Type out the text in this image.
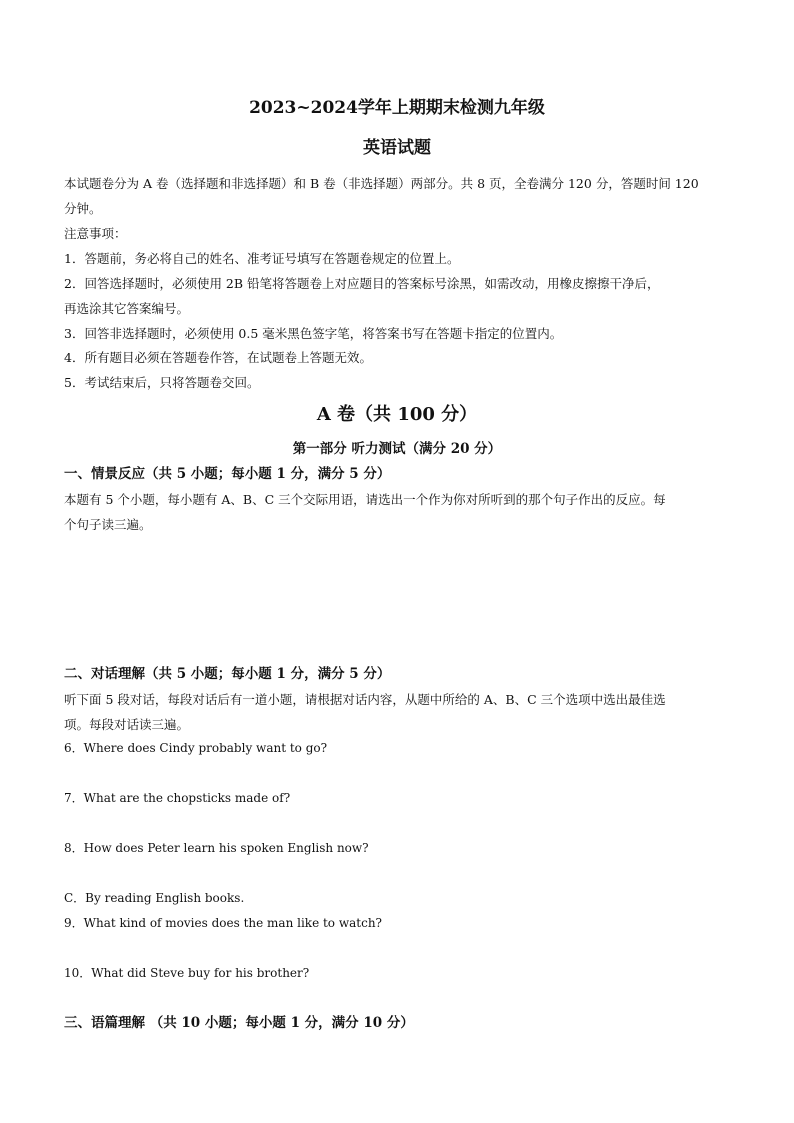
2023~2024学年上期期末检测九年级
英语试题
本试题卷分为 A 卷（选择题和非选择题）和 B 卷（非选择题）两部分。共 8 页，全卷满分 120 分，答题时间 120
分钟。
注意事项：
1．答题前，务必将自己的姓名、准考证号填写在答题卷规定的位置上。
2．回答选择题时，必须使用 2B 铅笔将答题卷上对应题目的答案标号涂黑，如需改动，用橡皮擦擦干净后，
再选涂其它答案编号。
3．回答非选择题时，必须使用 0.5 毫米黑色签字笔，将答案书写在答题卡指定的位置内。
4．所有题目必须在答题卷作答，在试题卷上答题无效。
5．考试结束后，只将答题卷交回。
A 卷（共 100 分）
第一部分 听力测试（满分 20 分）
一、情景反应（共 5 小题；每小题 1 分，满分 5 分）
本题有 5 个小题，每小题有 A、B、C 三个交际用语，请选出一个作为你对所听到的那个句子作出的反应。每
个句子读三遍。
二、对话理解（共 5 小题；每小题 1 分，满分 5 分）
听下面 5 段对话，每段对话后有一道小题，请根据对话内容，从题中所给的 A、B、C 三个选项中选出最佳选
项。每段对话读三遍。
6．Where does Cindy probably want to go?
7．What are the chopsticks made of?
8．How does Peter learn his spoken English now?
C．By reading English books.
9．What kind of movies does the man like to watch?
10．What did Steve buy for his brother?
三、语篇理解 （共 10 小题；每小题 1 分，满分 10 分）
